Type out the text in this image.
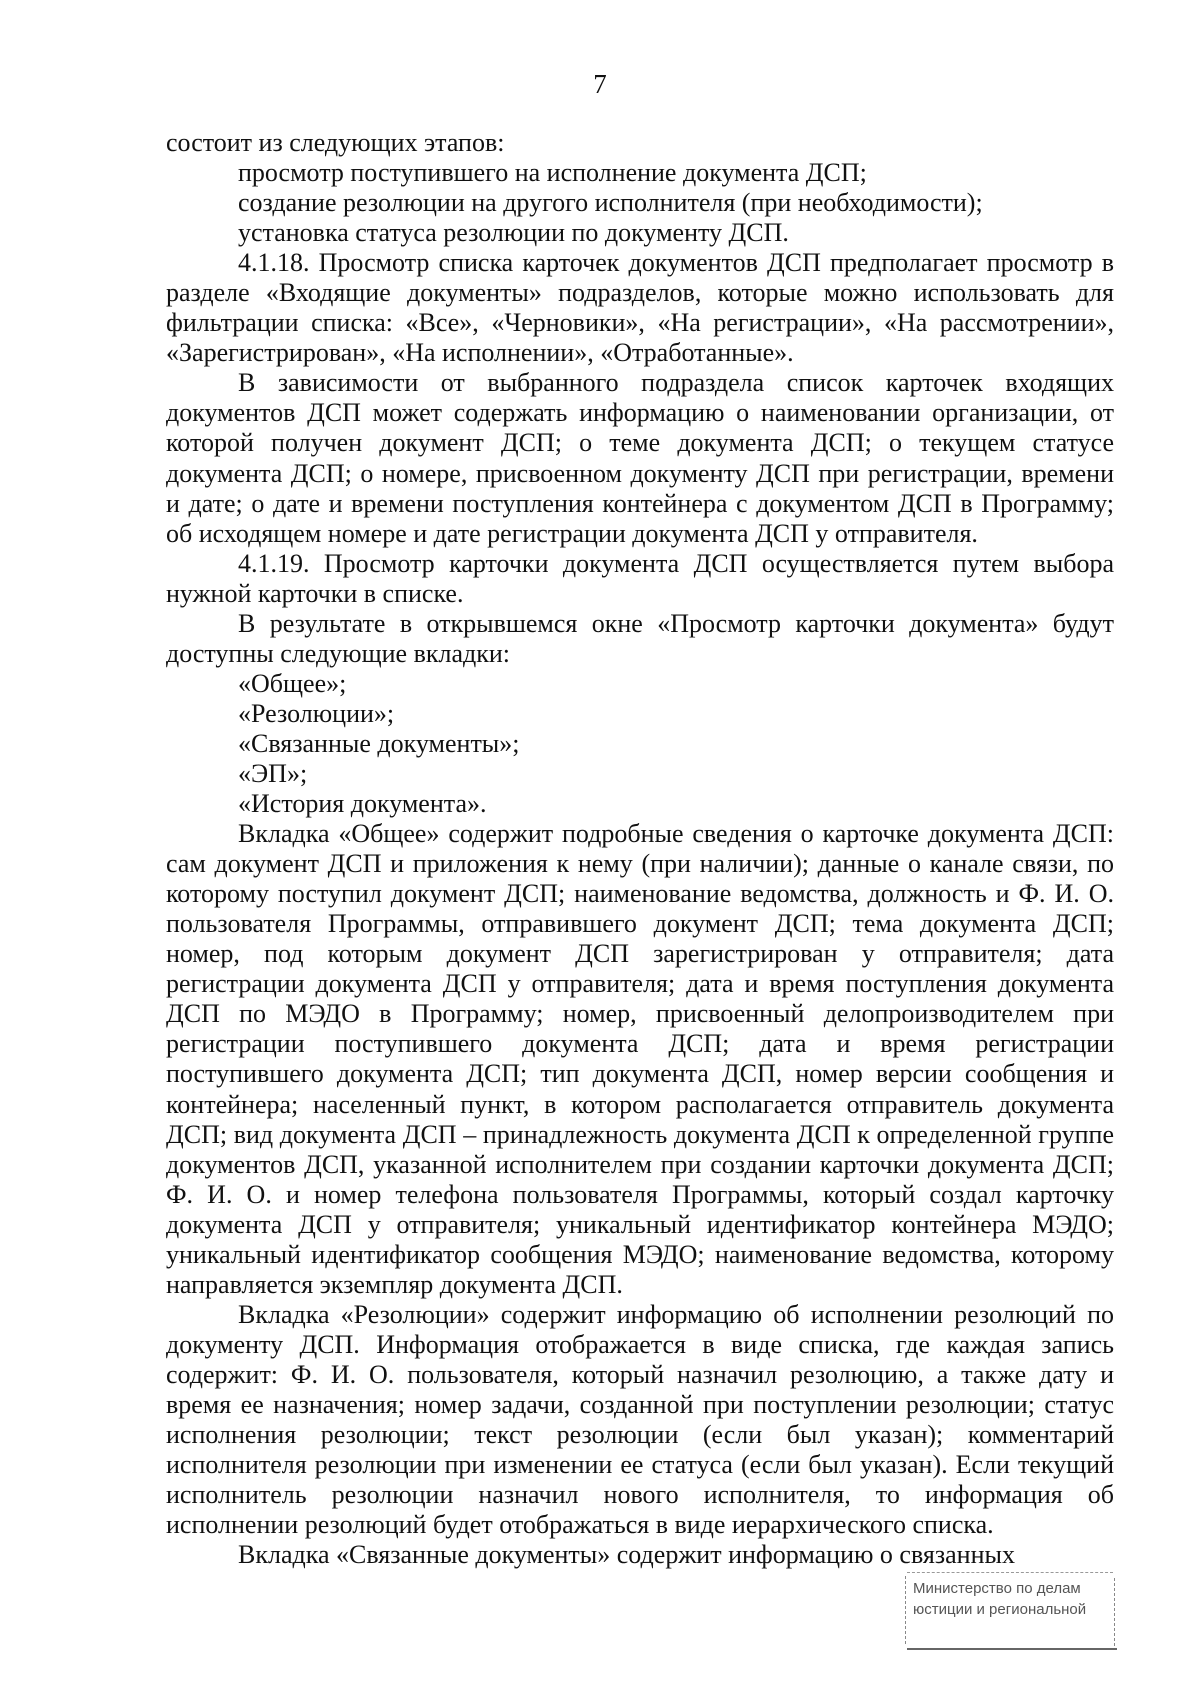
7

состоит из следующих этапов:

просмотр поступившего на исполнение документа ДСП;

создание резолюции на другого исполнителя (при необходимости);

установка статуса резолюции по документу ДСП.

4.1.18. Просмотр списка карточек документов ДСП предполагает просмотр в разделе «Входящие документы» подразделов, которые можно использовать для фильтрации списка: «Все», «Черновики», «На регистрации», «На рассмотрении», «Зарегистрирован», «На исполнении», «Отработанные».

В зависимости от выбранного подраздела список карточек входящих документов ДСП может содержать информацию о наименовании организации, от которой получен документ ДСП; о теме документа ДСП; о текущем статусе документа ДСП; о номере, присвоенном документу ДСП при регистрации, времени и дате; о дате и времени поступления контейнера с документом ДСП в Программу; об исходящем номере и дате регистрации документа ДСП у отправителя.

4.1.19. Просмотр карточки документа ДСП осуществляется путем выбора нужной карточки в списке.

В результате в открывшемся окне «Просмотр карточки документа» будут доступны следующие вкладки:

«Общее»;

«Резолюции»;

«Связанные документы»;

«ЭП»;

«История документа».

Вкладка «Общее» содержит подробные сведения о карточке документа ДСП: сам документ ДСП и приложения к нему (при наличии); данные о канале связи, по которому поступил документ ДСП; наименование ведомства, должность и Ф. И. О. пользователя Программы, отправившего документ ДСП; тема документа ДСП; номер, под которым документ ДСП зарегистрирован у отправителя; дата регистрации документа ДСП у отправителя; дата и время поступления документа ДСП по МЭДО в Программу; номер, присвоенный делопроизводителем при регистрации поступившего документа ДСП; дата и время регистрации поступившего документа ДСП; тип документа ДСП, номер версии сообщения и контейнера; населенный пункт, в котором располагается отправитель документа ДСП; вид документа ДСП – принадлежность документа ДСП к определенной группе документов ДСП, указанной исполнителем при создании карточки документа ДСП; Ф. И. О. и номер телефона пользователя Программы, который создал карточку документа ДСП у отправителя; уникальный идентификатор контейнера МЭДО; уникальный идентификатор сообщения МЭДО; наименование ведомства, которому направляется экземпляр документа ДСП.

Вкладка «Резолюции» содержит информацию об исполнении резолюций по документу ДСП. Информация отображается в виде списка, где каждая запись содержит: Ф. И. О. пользователя, который назначил резолюцию, а также дату и время ее назначения; номер задачи, созданной при поступлении резолюции; статус исполнения резолюции; текст резолюции (если был указан); комментарий исполнителя резолюции при изменении ее статуса (если был указан). Если текущий исполнитель резолюции назначил нового исполнителя, то информация об исполнении резолюций будет отображаться в виде иерархического списка.

Вкладка «Связанные документы» содержит информацию о связанных

Министерство по делам
юстиции и региональной
